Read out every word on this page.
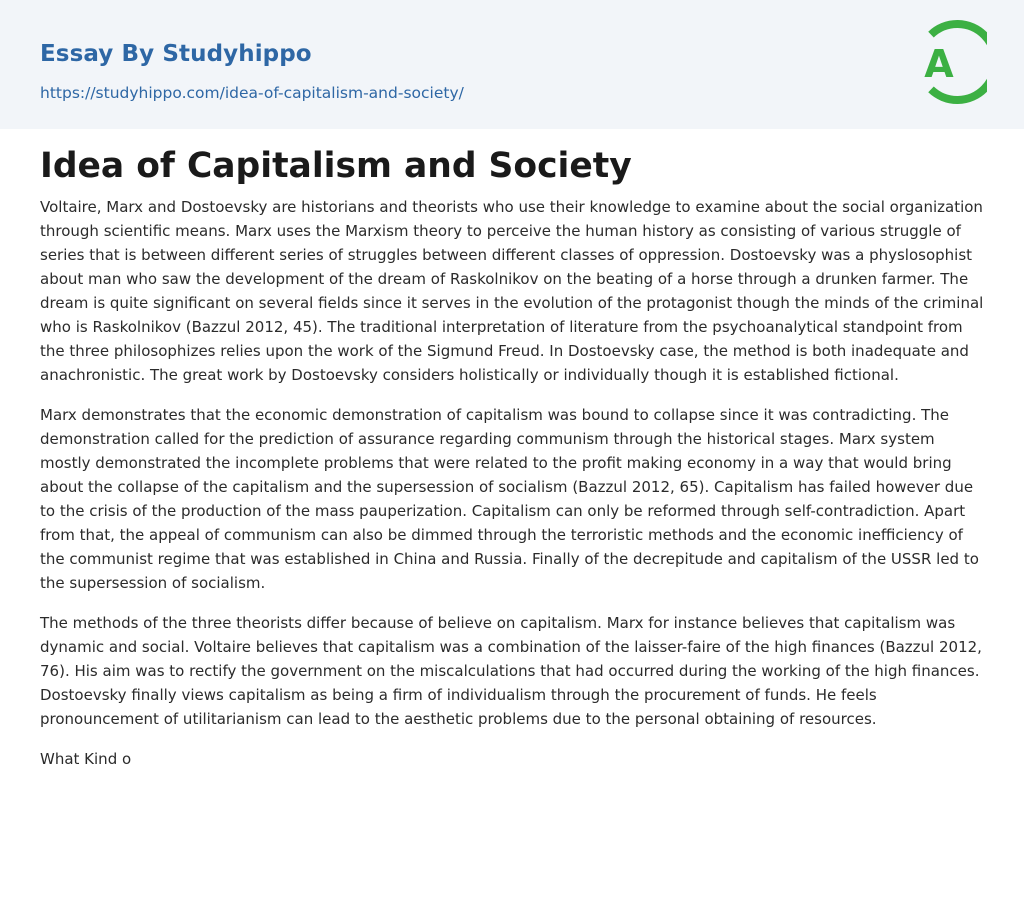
Essay By Studyhippo
https://studyhippo.com/idea-of-capitalism-and-society/
A
Idea of Capitalism and Society

Voltaire, Marx and Dostoevsky are historians and theorists who use their knowledge to examine about the social organization through scientific means. Marx uses the Marxism theory to perceive the human history as consisting of various struggle of series that is between different series of struggles between different classes of oppression. Dostoevsky was a physlosophist about man who saw the development of the dream of Raskolnikov on the beating of a horse through a drunken farmer. The dream is quite significant on several fields since it serves in the evolution of the protagonist though the minds of the criminal who is Raskolnikov (Bazzul 2012, 45). The traditional interpretation of literature from the psychoanalytical standpoint from the three philosophizes relies upon the work of the Sigmund Freud. In Dostoevsky case, the method is both inadequate and anachronistic. The great work by Dostoevsky considers holistically or individually though it is established fictional.

Marx demonstrates that the economic demonstration of capitalism was bound to collapse since it was contradicting. The demonstration called for the prediction of assurance regarding communism through the historical stages. Marx system mostly demonstrated the incomplete problems that were related to the profit making economy in a way that would bring about the collapse of the capitalism and the supersession of socialism (Bazzul 2012, 65). Capitalism has failed however due to the crisis of the production of the mass pauperization. Capitalism can only be reformed through self-contradiction. Apart from that, the appeal of communism can also be dimmed through the terroristic methods and the economic inefficiency of the communist regime that was established in China and Russia. Finally of the decrepitude and capitalism of the USSR led to the supersession of socialism.

The methods of the three theorists differ because of believe on capitalism. Marx for instance believes that capitalism was dynamic and social. Voltaire believes that capitalism was a combination of the laisser-faire of the high finances (Bazzul 2012, 76). His aim was to rectify the government on the miscalculations that had occurred during the working of the high finances. Dostoevsky finally views capitalism as being a firm of individualism through the procurement of funds. He feels pronouncement of utilitarianism can lead to the aesthetic problems due to the personal obtaining of resources.

What Kind o
